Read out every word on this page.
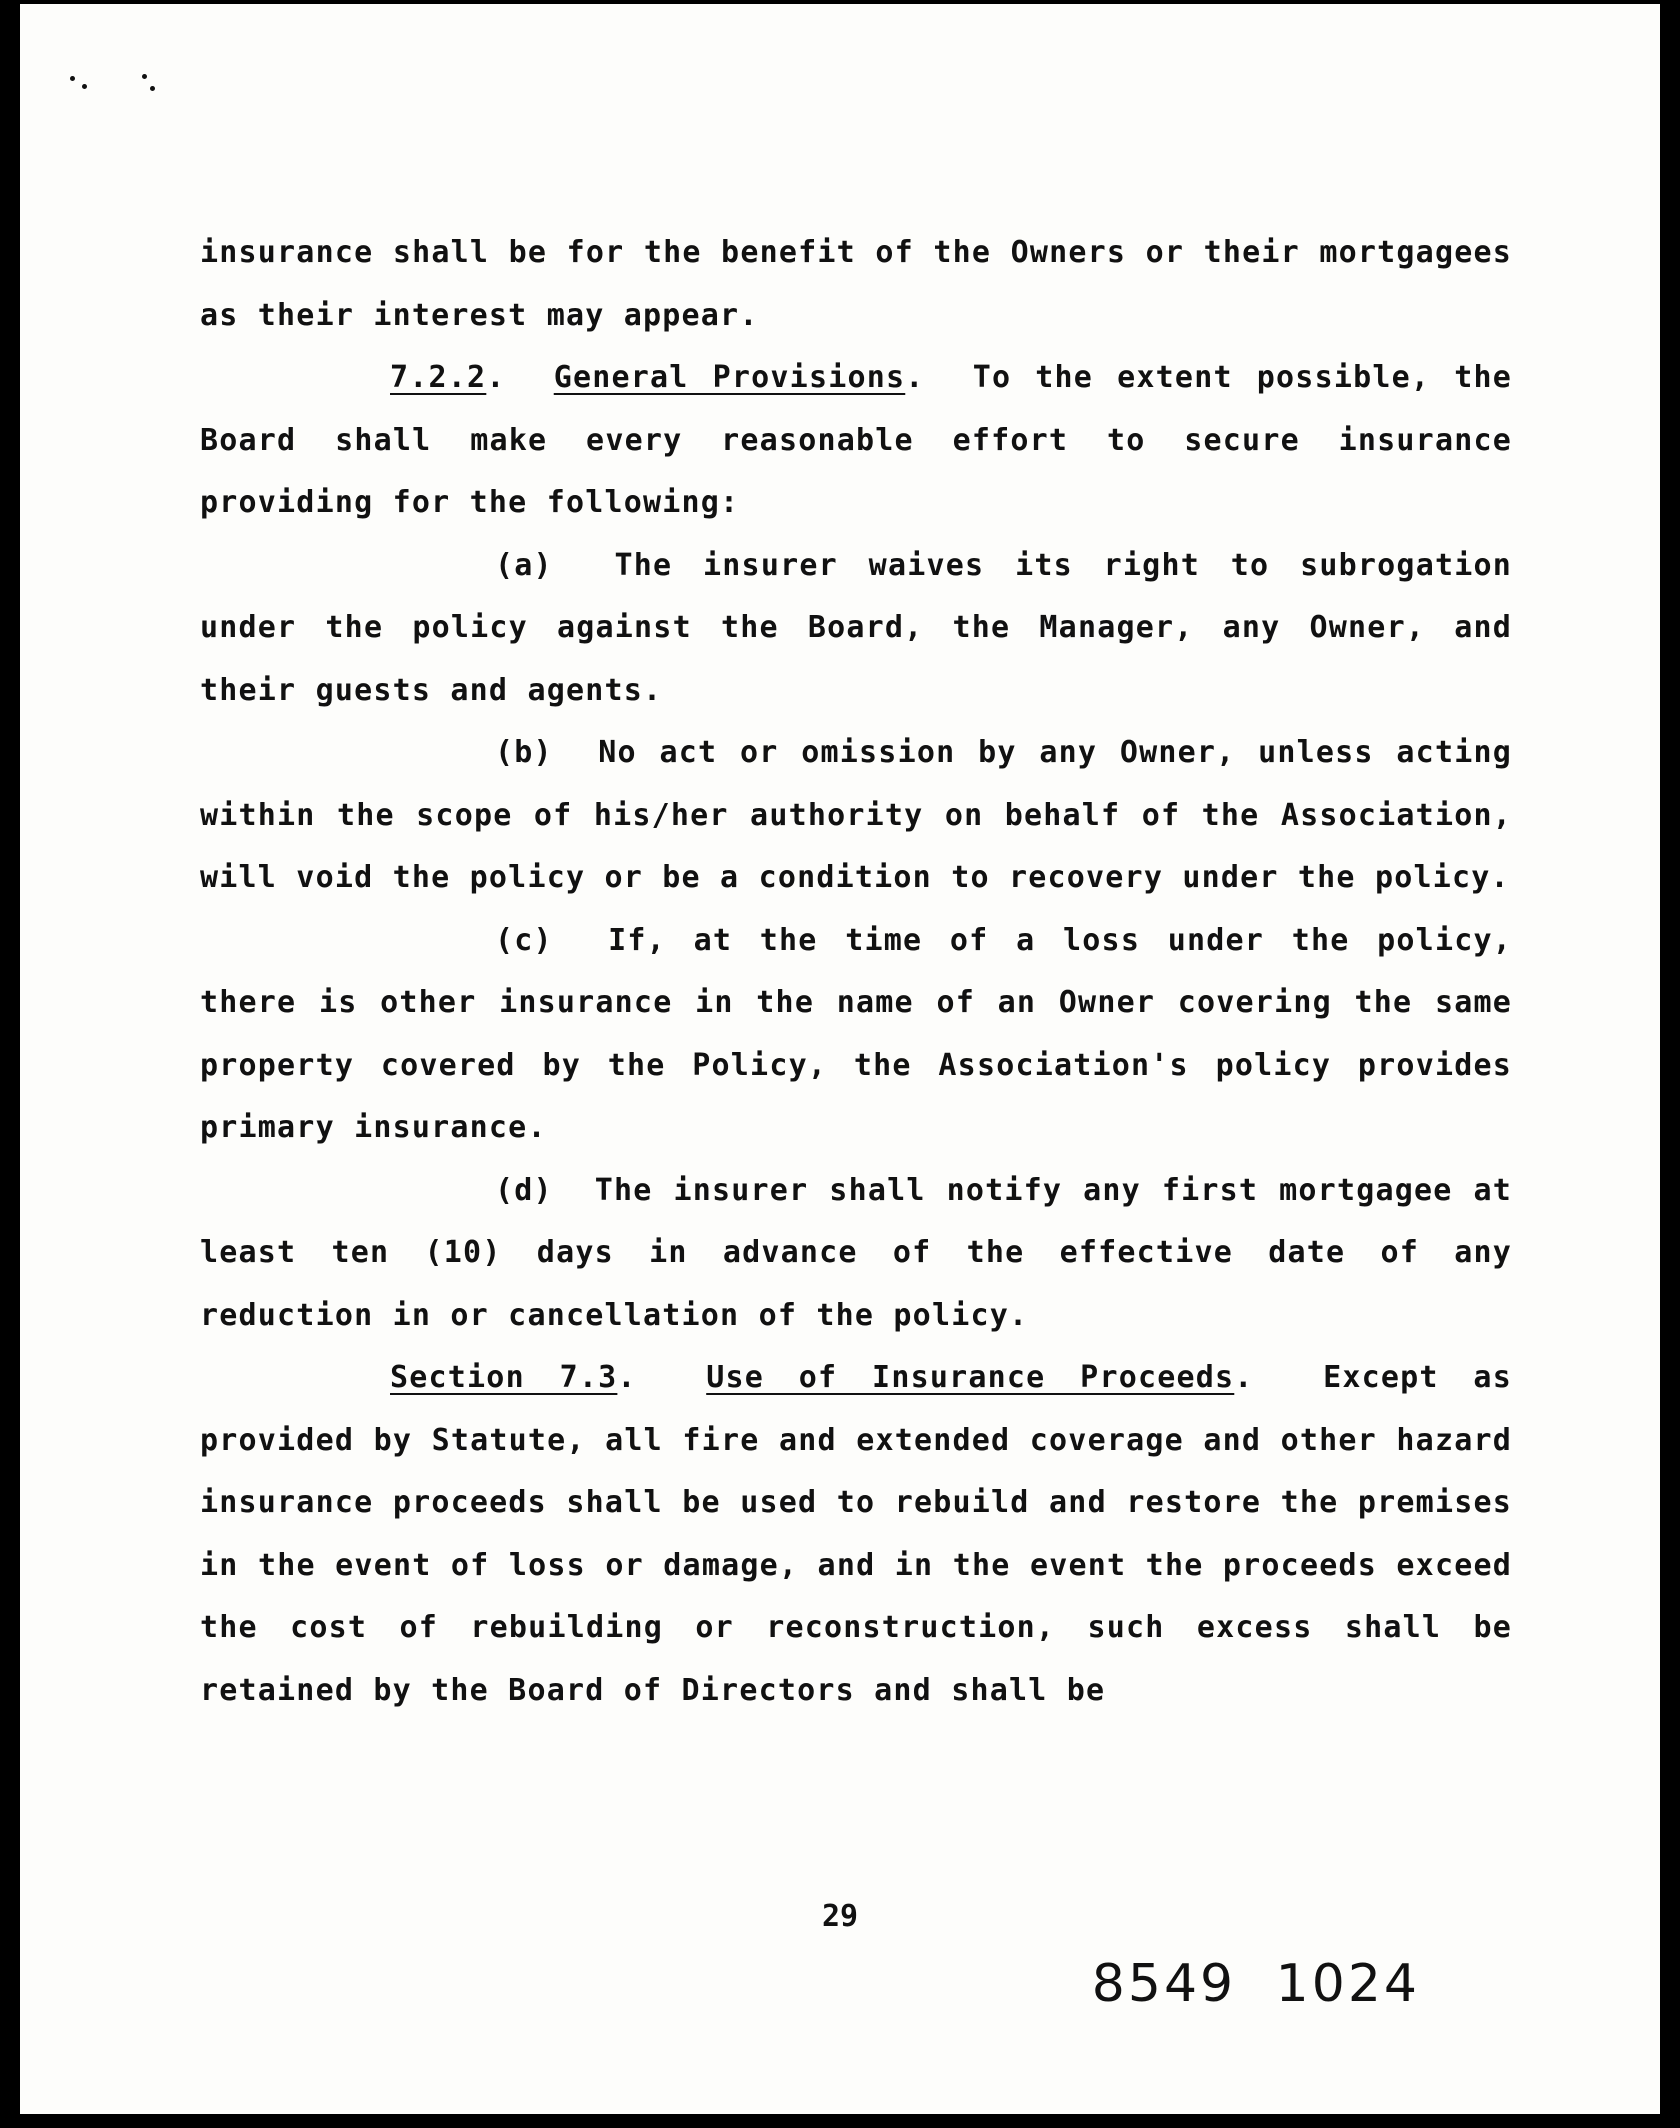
insurance shall be for the benefit of the Owners or their mortgagees as their interest may appear.

7.2.2.  General Provisions.  To the extent possible, the Board shall make every reasonable effort to secure insurance providing for the following:

(a) The insurer waives its right to subrogation under the policy against the Board, the Manager, any Owner, and their guests and agents.

(b) No act or omission by any Owner, unless acting within the scope of his/her authority on behalf of the Association, will void the policy or be a condition to recovery under the policy.

(c) If, at the time of a loss under the policy, there is other insurance in the name of an Owner covering the same property covered by the Policy, the Association's policy provides primary insurance.

(d) The insurer shall notify any first mortgagee at least ten (10) days in advance of the effective date of any reduction in or cancellation of the policy.

Section 7.3.  Use of Insurance Proceeds.  Except as provided by Statute, all fire and extended coverage and other hazard insurance proceeds shall be used to rebuild and restore the premises in the event of loss or damage, and in the event the proceeds exceed the cost of rebuilding or reconstruction, such excess shall be retained by the Board of Directors and shall be

29
8549 1024
